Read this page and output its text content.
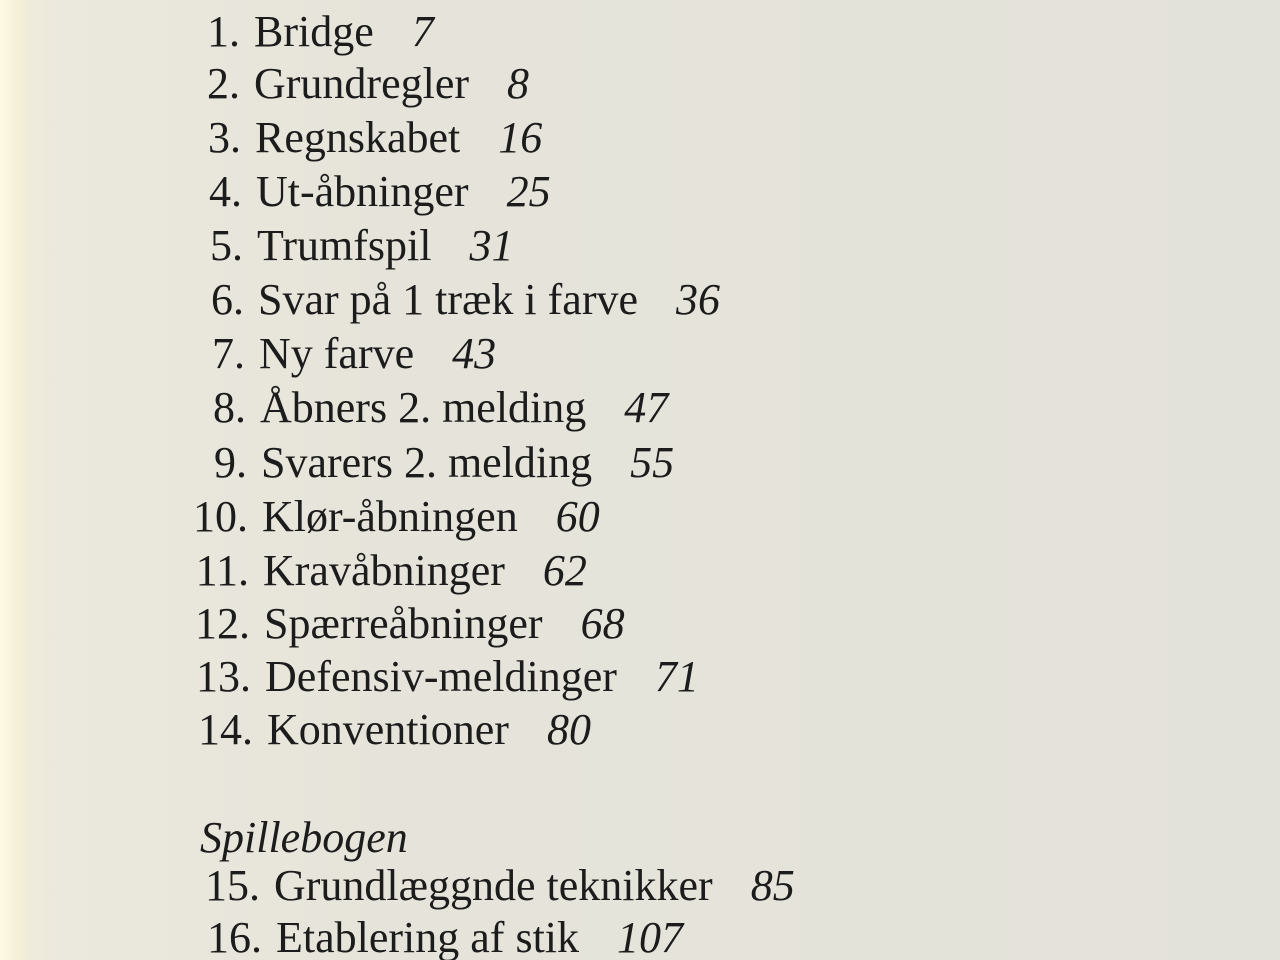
1. Bridge 7
2. Grundregler 8
3. Regnskabet 16
4. Ut-åbninger 25
5. Trumfspil 31
6. Svar på 1 træk i farve 36
7. Ny farve 43
8. Åbners 2. melding 47
9. Svarers 2. melding 55
10. Klør-åbningen 60
11. Kravåbninger 62
12. Spærreåbninger 68
13. Defensiv-meldinger 71
14. Konventioner 80
Spillebogen
15. Grundlæggnde teknikker 85
16. Etablering af stik 107
